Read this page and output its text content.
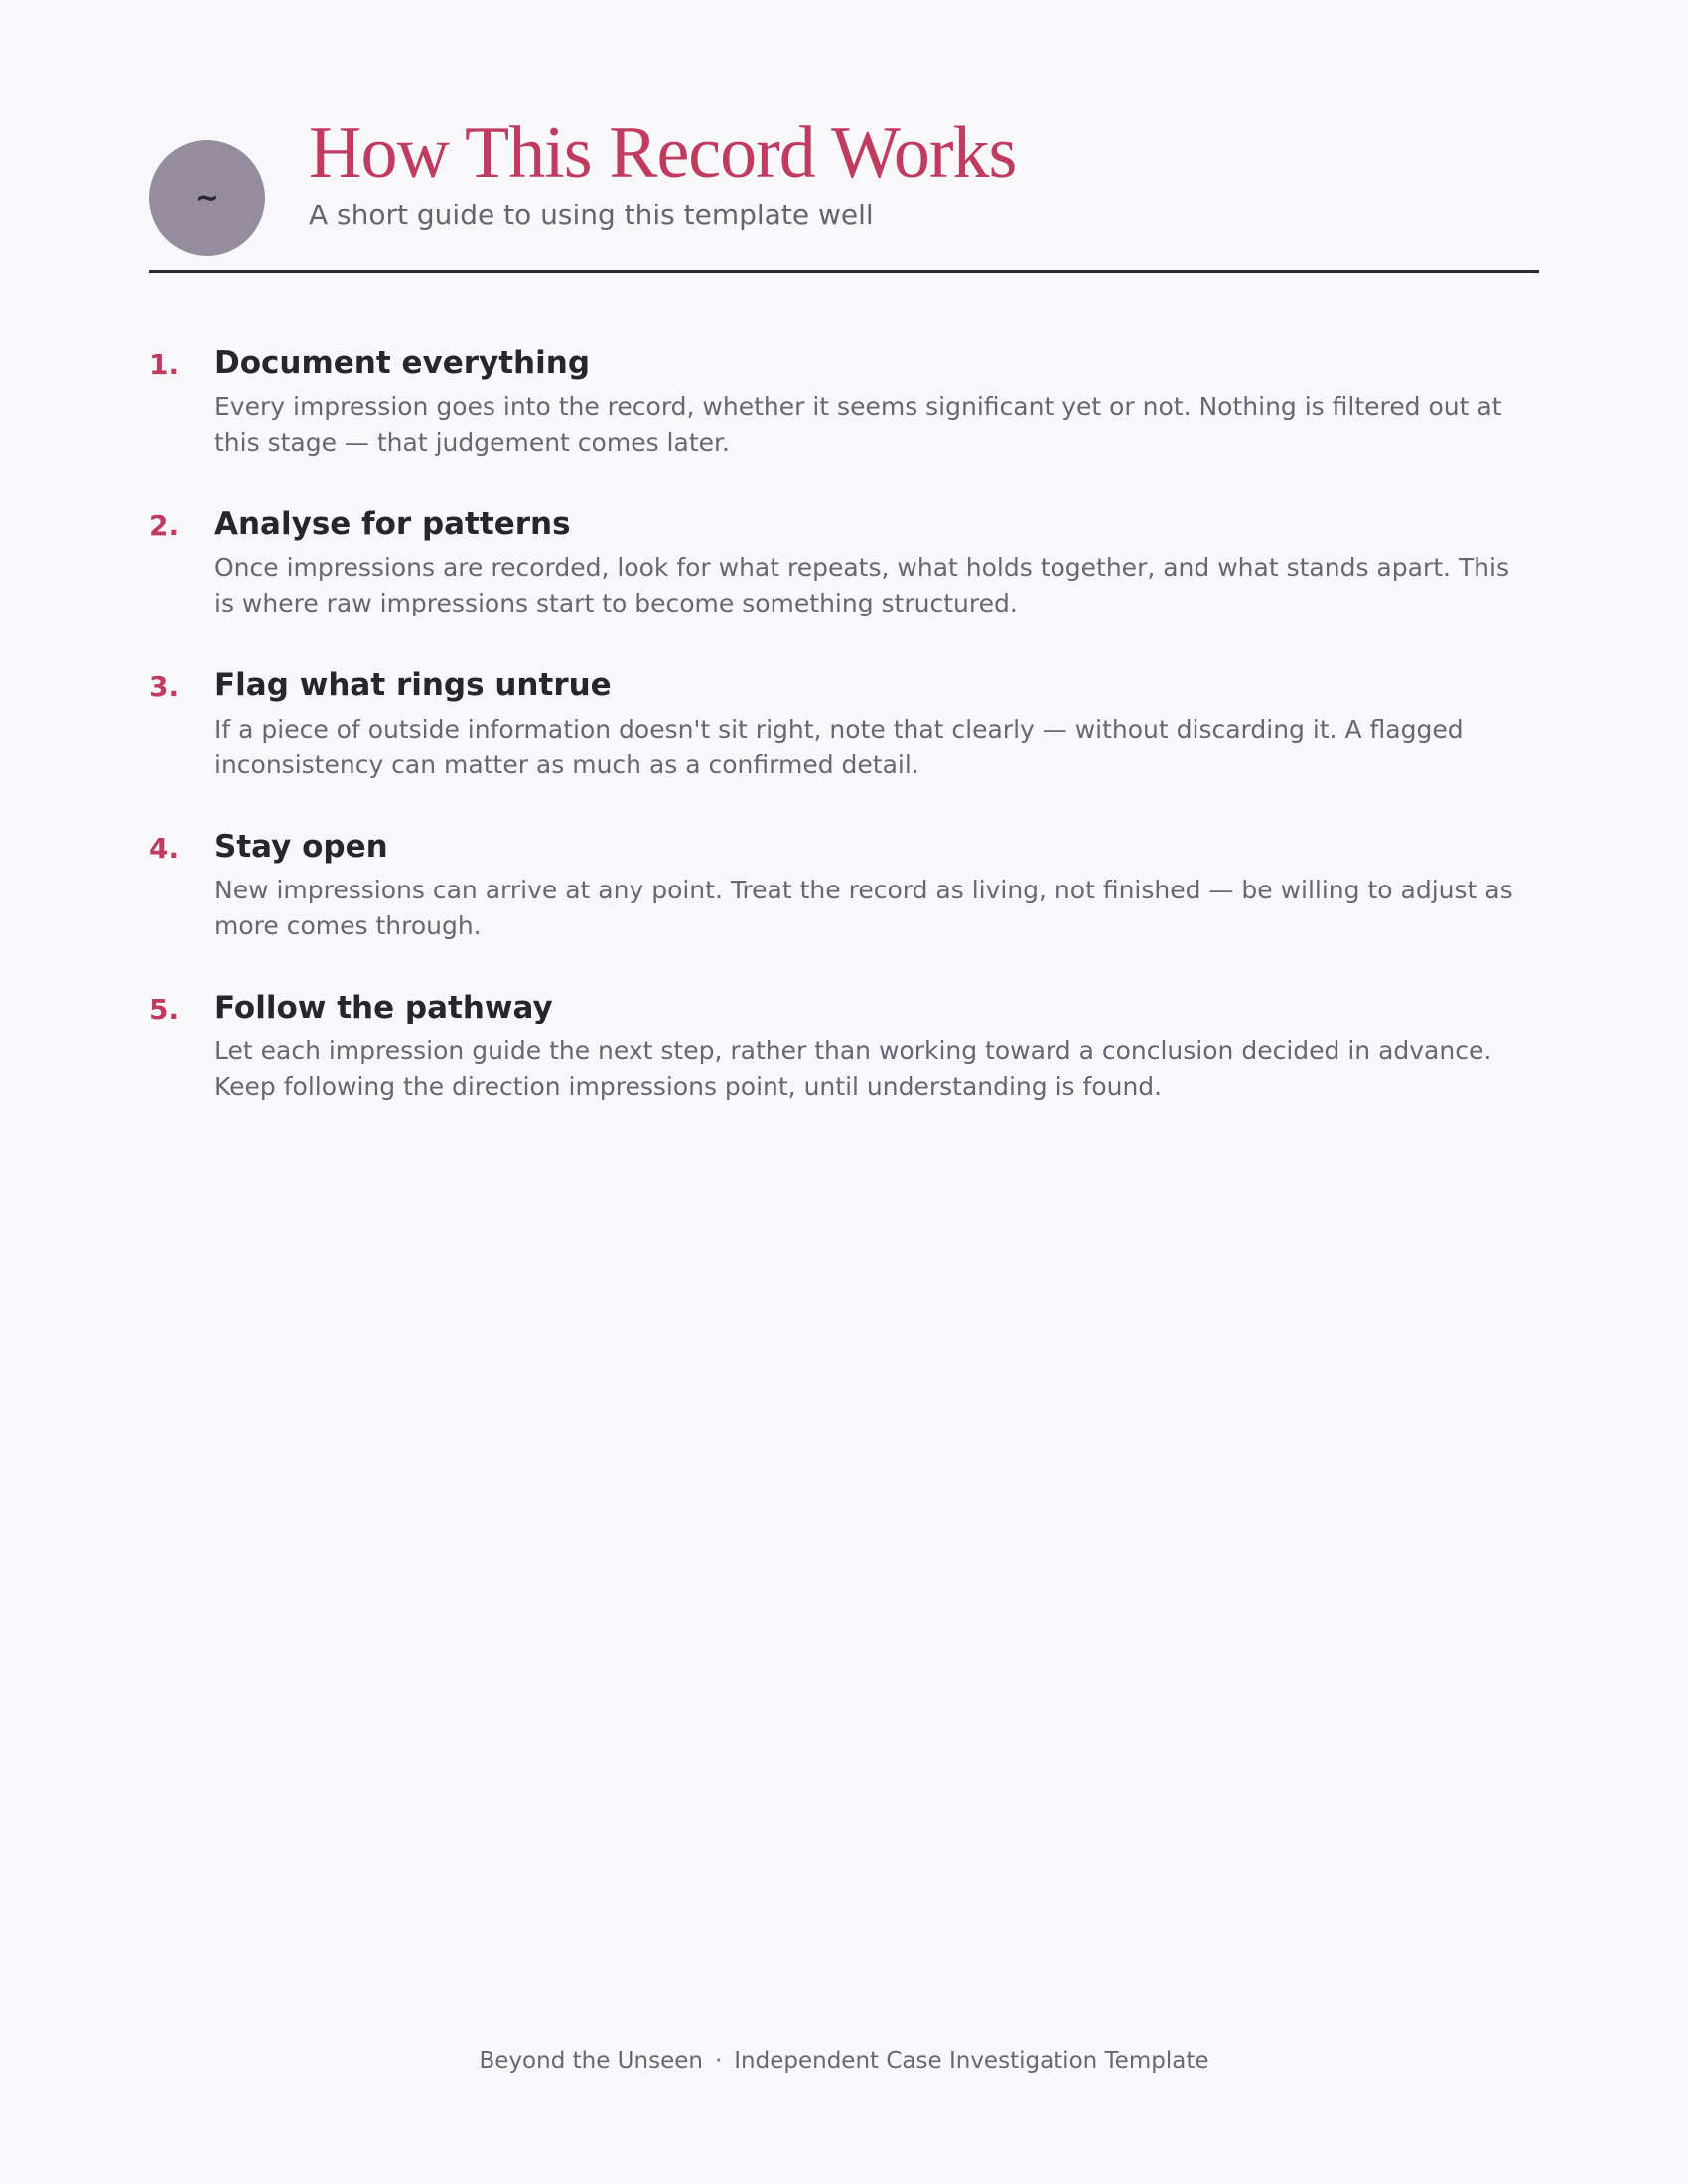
~
How This Record Works
A short guide to using this template well
1. Document everything

Every impression goes into the record, whether it seems significant yet or not. Nothing is filtered out at this stage — that judgement comes later.

2. Analyse for patterns

Once impressions are recorded, look for what repeats, what holds together, and what stands apart. This is where raw impressions start to become something structured.

3. Flag what rings untrue

If a piece of outside information doesn't sit right, note that clearly — without discarding it. A flagged inconsistency can matter as much as a confirmed detail.

4. Stay open

New impressions can arrive at any point. Treat the record as living, not finished — be willing to adjust as more comes through.

5. Follow the pathway

Let each impression guide the next step, rather than working toward a conclusion decided in advance. Keep following the direction impressions point, until understanding is found.

Beyond the Unseen · Independent Case Investigation Template
